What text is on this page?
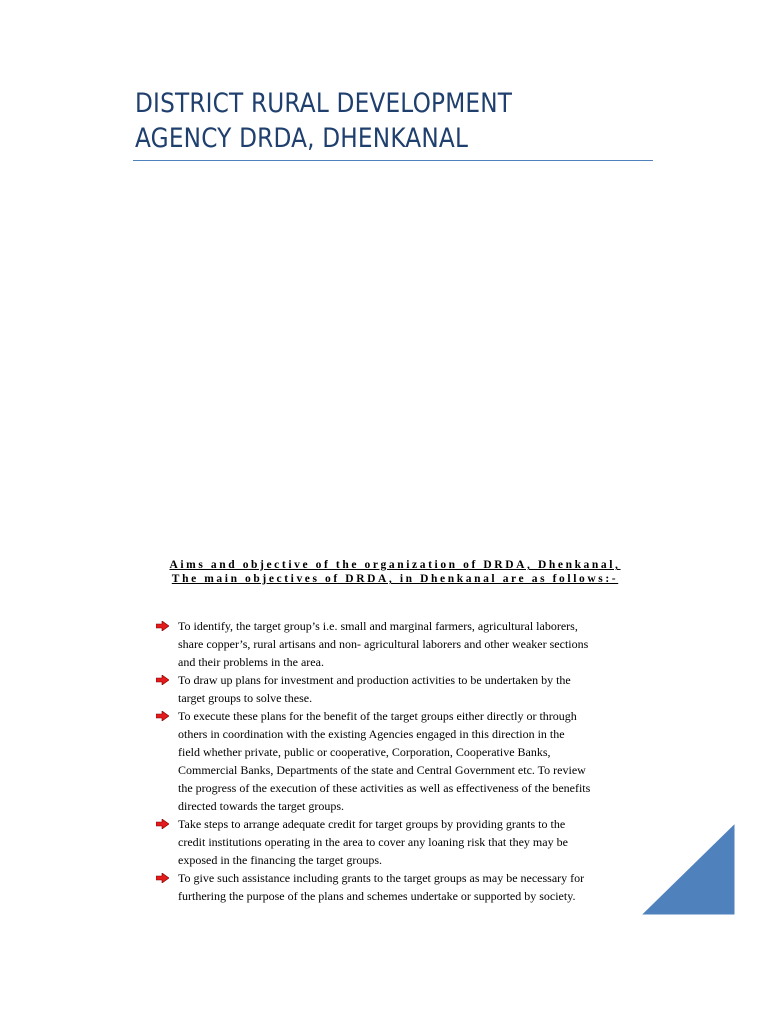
DISTRICT RURAL DEVELOPMENT
AGENCY DRDA, DHENKANAL
Aims and objective of the organization of DRDA, Dhenkanal,
The main objectives of DRDA, in Dhenkanal are as follows:-
To identify, the target group’s i.e. small and marginal farmers, agricultural laborers,
share copper’s, rural artisans and non- agricultural laborers and other weaker sections
and their problems in the area.
To draw up plans for investment and production activities to be undertaken by the
target groups to solve these.
To execute these plans for the benefit of the target groups either directly or through
others in coordination with the existing Agencies engaged in this direction in the
field whether private, public or cooperative, Corporation, Cooperative Banks,
Commercial Banks, Departments of the state and Central Government etc. To review
the progress of the execution of these activities as well as effectiveness of the benefits
directed towards the target groups.
Take steps to arrange adequate credit for target groups by providing grants to the
credit institutions operating in the area to cover any loaning risk that they may be
exposed in the financing the target groups.
To give such assistance including grants to the target groups as may be necessary for
furthering the purpose of the plans and schemes undertake or supported by society.
